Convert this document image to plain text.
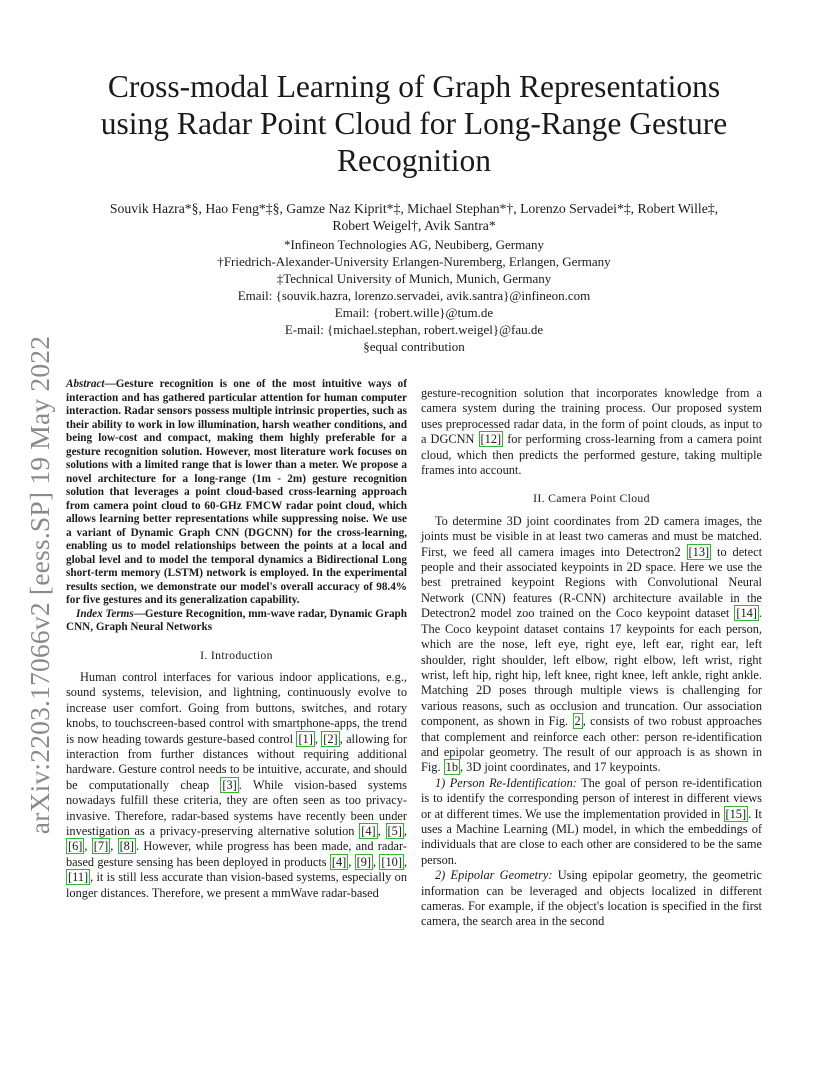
arXiv:2203.17066v2 [eess.SP] 19 May 2022
Cross-modal Learning of Graph Representations using Radar Point Cloud for Long-Range Gesture Recognition
Souvik Hazra*§, Hao Feng*‡§, Gamze Naz Kiprit*‡, Michael Stephan*†, Lorenzo Servadei*‡, Robert Wille‡,
Robert Weigel†, Avik Santra*
*Infineon Technologies AG, Neubiberg, Germany
†Friedrich-Alexander-University Erlangen-Nuremberg, Erlangen, Germany
‡Technical University of Munich, Munich, Germany
Email: {souvik.hazra, lorenzo.servadei, avik.santra}@infineon.com
Email: {robert.wille}@tum.de
E-mail: {michael.stephan, robert.weigel}@fau.de
§equal contribution

Abstract—Gesture recognition is one of the most intuitive ways of interaction and has gathered particular attention for human computer interaction. Radar sensors possess multiple intrinsic properties, such as their ability to work in low illumination, harsh weather conditions, and being low-cost and compact, making them highly preferable for a gesture recognition solution. However, most literature work focuses on solutions with a limited range that is lower than a meter. We propose a novel architecture for a long-range (1m - 2m) gesture recognition solution that leverages a point cloud-based cross-learning approach from camera point cloud to 60-GHz FMCW radar point cloud, which allows learning better representations while suppressing noise. We use a variant of Dynamic Graph CNN (DGCNN) for the cross-learning, enabling us to model relationships between the points at a local and global level and to model the temporal dynamics a Bidirectional Long short-term memory (LSTM) network is employed. In the experimental results section, we demonstrate our model's overall accuracy of 98.4% for five gestures and its generalization capability.

Index Terms—Gesture Recognition, mm-wave radar, Dynamic Graph CNN, Graph Neural Networks

I. Introduction

Human control interfaces for various indoor applications, e.g., sound systems, television, and lightning, continuously evolve to increase user comfort. Going from buttons, switches, and rotary knobs, to touchscreen-based control with smartphone-apps, the trend is now heading towards gesture-based control [1] , [2] , allowing for interaction from further distances without requiring additional hardware. Gesture control needs to be intuitive, accurate, and should be computationally cheap [3] . While vision-based systems nowadays fulfill these criteria, they are often seen as too privacy-invasive. Therefore, radar-based systems have recently been under investigation as a privacy-preserving alternative solution [4] , [5] , [6] , [7] , [8] . However, while progress has been made, and radar-based gesture sensing has been deployed in products [4] , [9] , [10] , [11] , it is still less accurate than vision-based systems, especially on longer distances. Therefore, we present a mmWave radar-based

gesture-recognition solution that incorporates knowledge from a camera system during the training process. Our proposed system uses preprocessed radar data, in the form of point clouds, as input to a DGCNN [12] for performing cross-learning from a camera point cloud, which then predicts the performed gesture, taking multiple frames into account.

II. Camera Point Cloud

To determine 3D joint coordinates from 2D camera images, the joints must be visible in at least two cameras and must be matched. First, we feed all camera images into Detectron2 [13] to detect people and their associated keypoints in 2D space. Here we use the best pretrained keypoint Regions with Convolutional Neural Network (CNN) features (R-CNN) architecture available in the Detectron2 model zoo trained on the Coco keypoint dataset [14] . The Coco keypoint dataset contains 17 keypoints for each person, which are the nose, left eye, right eye, left ear, right ear, left shoulder, right shoulder, left elbow, right elbow, left wrist, right wrist, left hip, right hip, left knee, right knee, left ankle, right ankle. Matching 2D poses through multiple views is challenging for various reasons, such as occlusion and truncation. Our association component, as shown in Fig. 2 , consists of two robust approaches that complement and reinforce each other: person re-identification and epipolar geometry. The result of our approach is as shown in Fig. 1b , 3D joint coordinates, and 17 keypoints.

1) Person Re-Identification: The goal of person re-identification is to identify the corresponding person of interest in different views or at different times. We use the implementation provided in [15] . It uses a Machine Learning (ML) model, in which the embeddings of individuals that are close to each other are considered to be the same person.

2) Epipolar Geometry: Using epipolar geometry, the geometric information can be leveraged and objects localized in different cameras. For example, if the object's location is specified in the first camera, the search area in the second
